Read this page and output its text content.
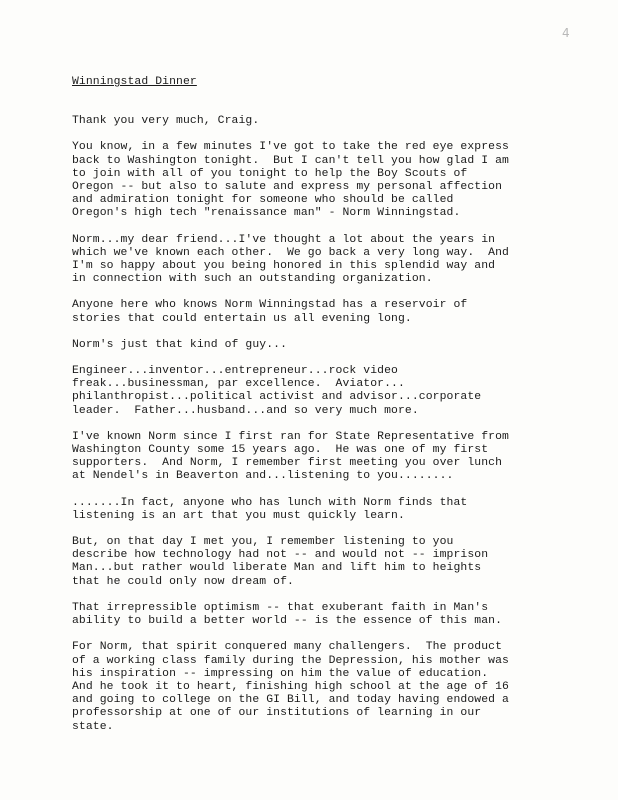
4
Winningstad Dinner
Thank you very much, Craig.
You know, in a few minutes I've got to take the red eye express
back to Washington tonight.  But I can't tell you how glad I am
to join with all of you tonight to help the Boy Scouts of
Oregon -- but also to salute and express my personal affection
and admiration tonight for someone who should be called
Oregon's high tech "renaissance man" - Norm Winningstad.
Norm...my dear friend...I've thought a lot about the years in
which we've known each other.  We go back a very long way.  And
I'm so happy about you being honored in this splendid way and
in connection with such an outstanding organization.
Anyone here who knows Norm Winningstad has a reservoir of
stories that could entertain us all evening long.
Norm's just that kind of guy...
Engineer...inventor...entrepreneur...rock video
freak...businessman, par excellence.  Aviator...
philanthropist...political activist and advisor...corporate
leader.  Father...husband...and so very much more.
I've known Norm since I first ran for State Representative from
Washington County some 15 years ago.  He was one of my first
supporters.  And Norm, I remember first meeting you over lunch
at Nendel's in Beaverton and...listening to you........
.......In fact, anyone who has lunch with Norm finds that
listening is an art that you must quickly learn.
But, on that day I met you, I remember listening to you
describe how technology had not -- and would not -- imprison
Man...but rather would liberate Man and lift him to heights
that he could only now dream of.
That irrepressible optimism -- that exuberant faith in Man's
ability to build a better world -- is the essence of this man.
For Norm, that spirit conquered many challengers.  The product
of a working class family during the Depression, his mother was
his inspiration -- impressing on him the value of education.
And he took it to heart, finishing high school at the age of 16
and going to college on the GI Bill, and today having endowed a
professorship at one of our institutions of learning in our
state.
